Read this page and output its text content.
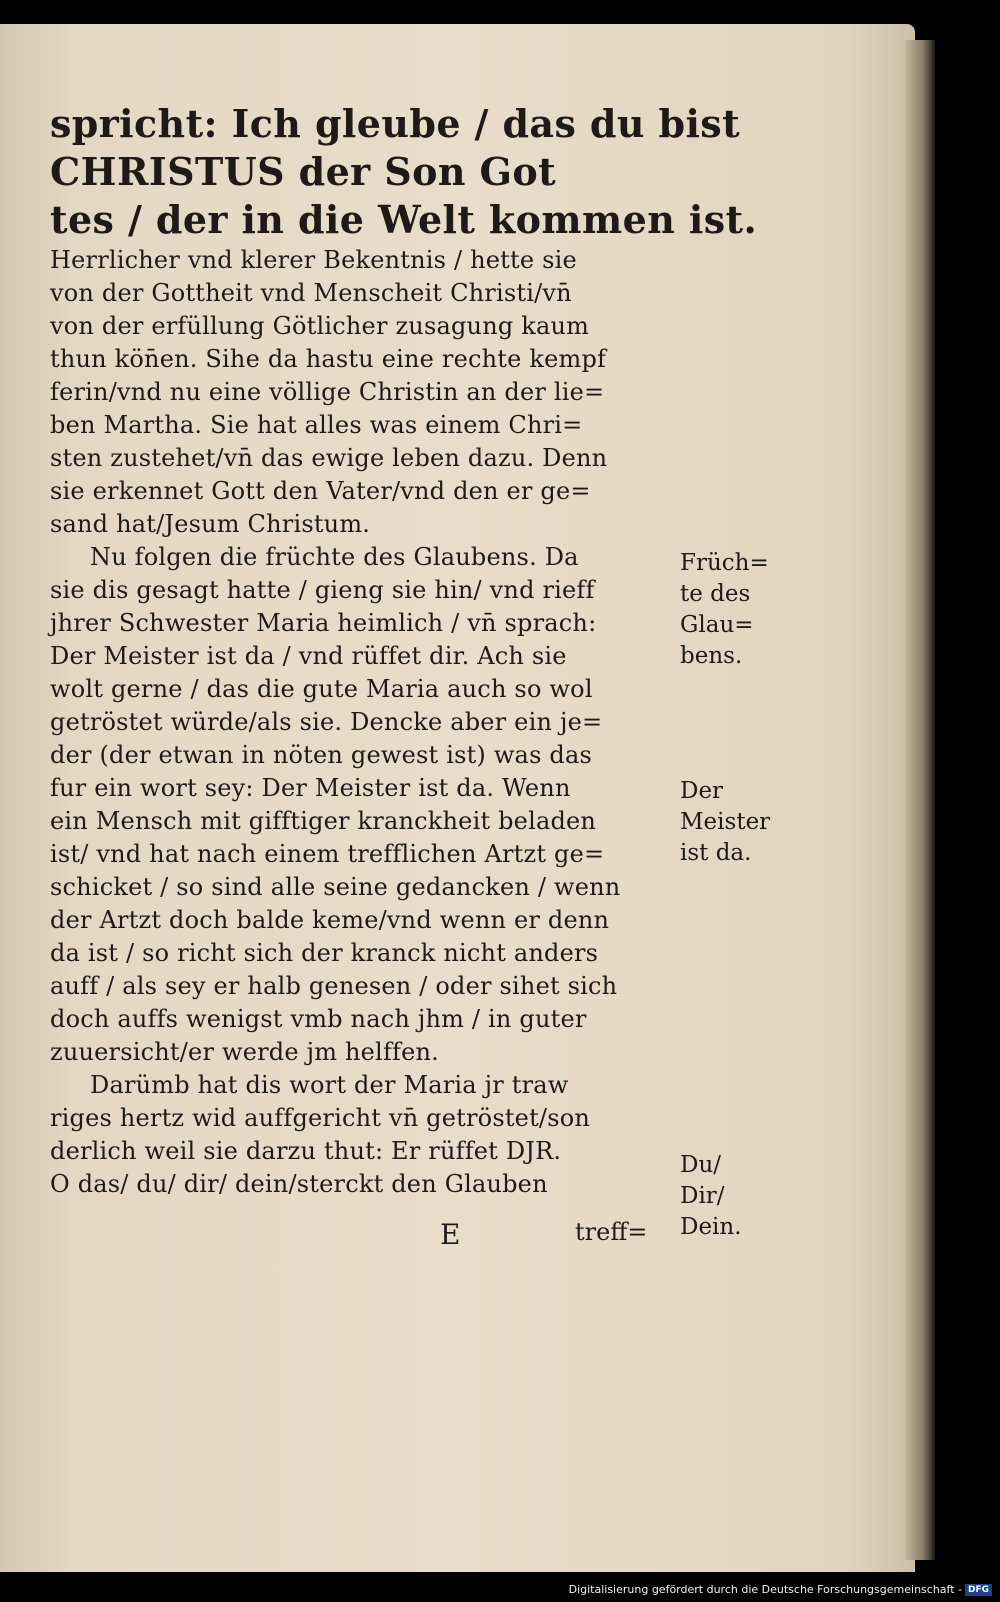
spricht: Ich gleube / das du bist
CHRISTUS der Son Got
tes / der in die Welt kommen ist.
Herrlicher vnd klerer Bekentnis / hette sie
von der Gottheit vnd Menscheit Christi/vn̄
von der erfüllung Götlicher zusagung kaum
thun kön̄en. Sihe da hastu eine rechte kempf
ferin/vnd nu eine völlige Christin an der lie=
ben Martha. Sie hat alles was einem Chri=
sten zustehet/vn̄ das ewige leben dazu. Denn
sie erkennet Gott den Vater/vnd den er ge=
sand hat/Jesum Christum.
Nu folgen die früchte des Glaubens. Da
sie dis gesagt hatte / gieng sie hin/ vnd rieff
jhrer Schwester Maria heimlich / vn̄ sprach:
Der Meister ist da / vnd rüffet dir. Ach sie
wolt gerne / das die gute Maria auch so wol
getröstet würde/als sie. Dencke aber ein je=
der (der etwan in nöten gewest ist) was das
fur ein wort sey: Der Meister ist da. Wenn
ein Mensch mit gifftiger kranckheit beladen
ist/ vnd hat nach einem trefflichen Artzt ge=
schicket / so sind alle seine gedancken / wenn
der Artzt doch balde keme/vnd wenn er denn
da ist / so richt sich der kranck nicht anders
auff / als sey er halb genesen / oder sihet sich
doch auffs wenigst vmb nach jhm / in guter
zuuersicht/er werde jm helffen.
Darümb hat dis wort der Maria jr traw
riges hertz wid auffgericht vn̄ getröstet/son
derlich weil sie darzu thut: Er rüffet DJR.
O das/ du/ dir/ dein/sterckt den Glauben
Früch=
te des
Glau=
bens.
Der
Meister
ist da.
Du/
Dir/
Dein.
E	treff=
Digitalisierung gefördert durch die Deutsche Forschungsgemeinschaft - DFG
